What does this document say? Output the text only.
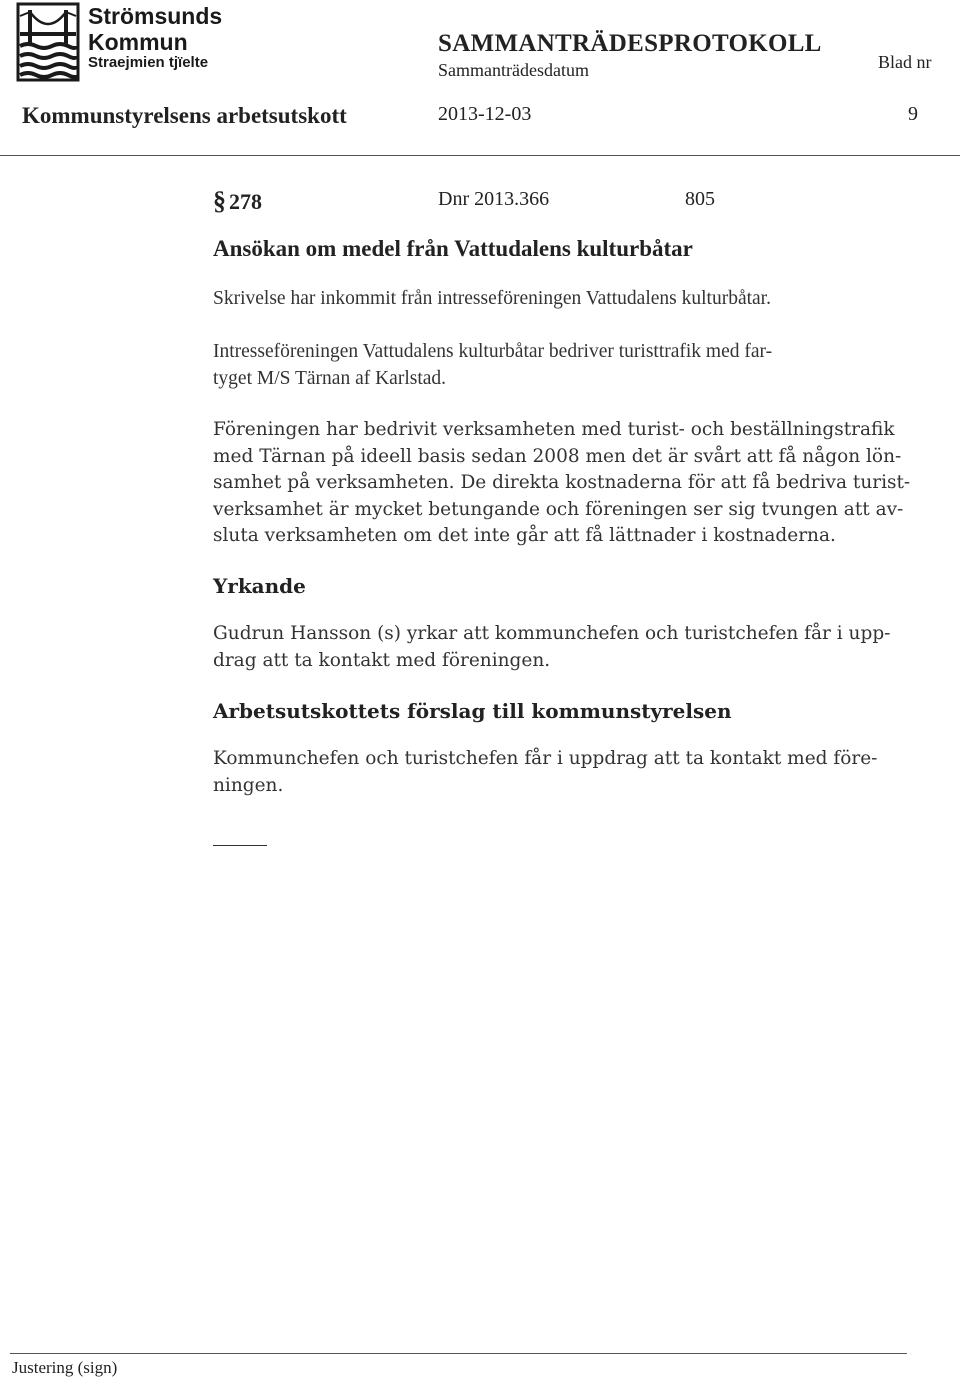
Strömsunds
Kommun
Straejmien tjïelte
SAMMANTRÄDESPROTOKOLL
Sammanträdesdatum	Blad nr
Kommunstyrelsens arbetsutskott	2013-12-03	9
§ 278	Dnr 2013.366	805
Ansökan om medel från Vattudalens kulturbåtar
Skrivelse har inkommit från intresseföreningen Vattudalens kulturbåtar.
Intresseföreningen Vattudalens kulturbåtar bedriver turisttrafik med far-
tyget M/S Tärnan af Karlstad.
Föreningen har bedrivit verksamheten med turist- och beställningstrafik
med Tärnan på ideell basis sedan 2008 men det är svårt att få någon lön-
samhet på verksamheten. De direkta kostnaderna för att få bedriva turist-
verksamhet är mycket betungande och föreningen ser sig tvungen att av-
sluta verksamheten om det inte går att få lättnader i kostnaderna.
Yrkande
Gudrun Hansson (s) yrkar att kommunchefen och turistchefen får i upp-
drag att ta kontakt med föreningen.
Arbetsutskottets förslag till kommunstyrelsen
Kommunchefen och turistchefen får i uppdrag att ta kontakt med före-
ningen.
Justering (sign)
